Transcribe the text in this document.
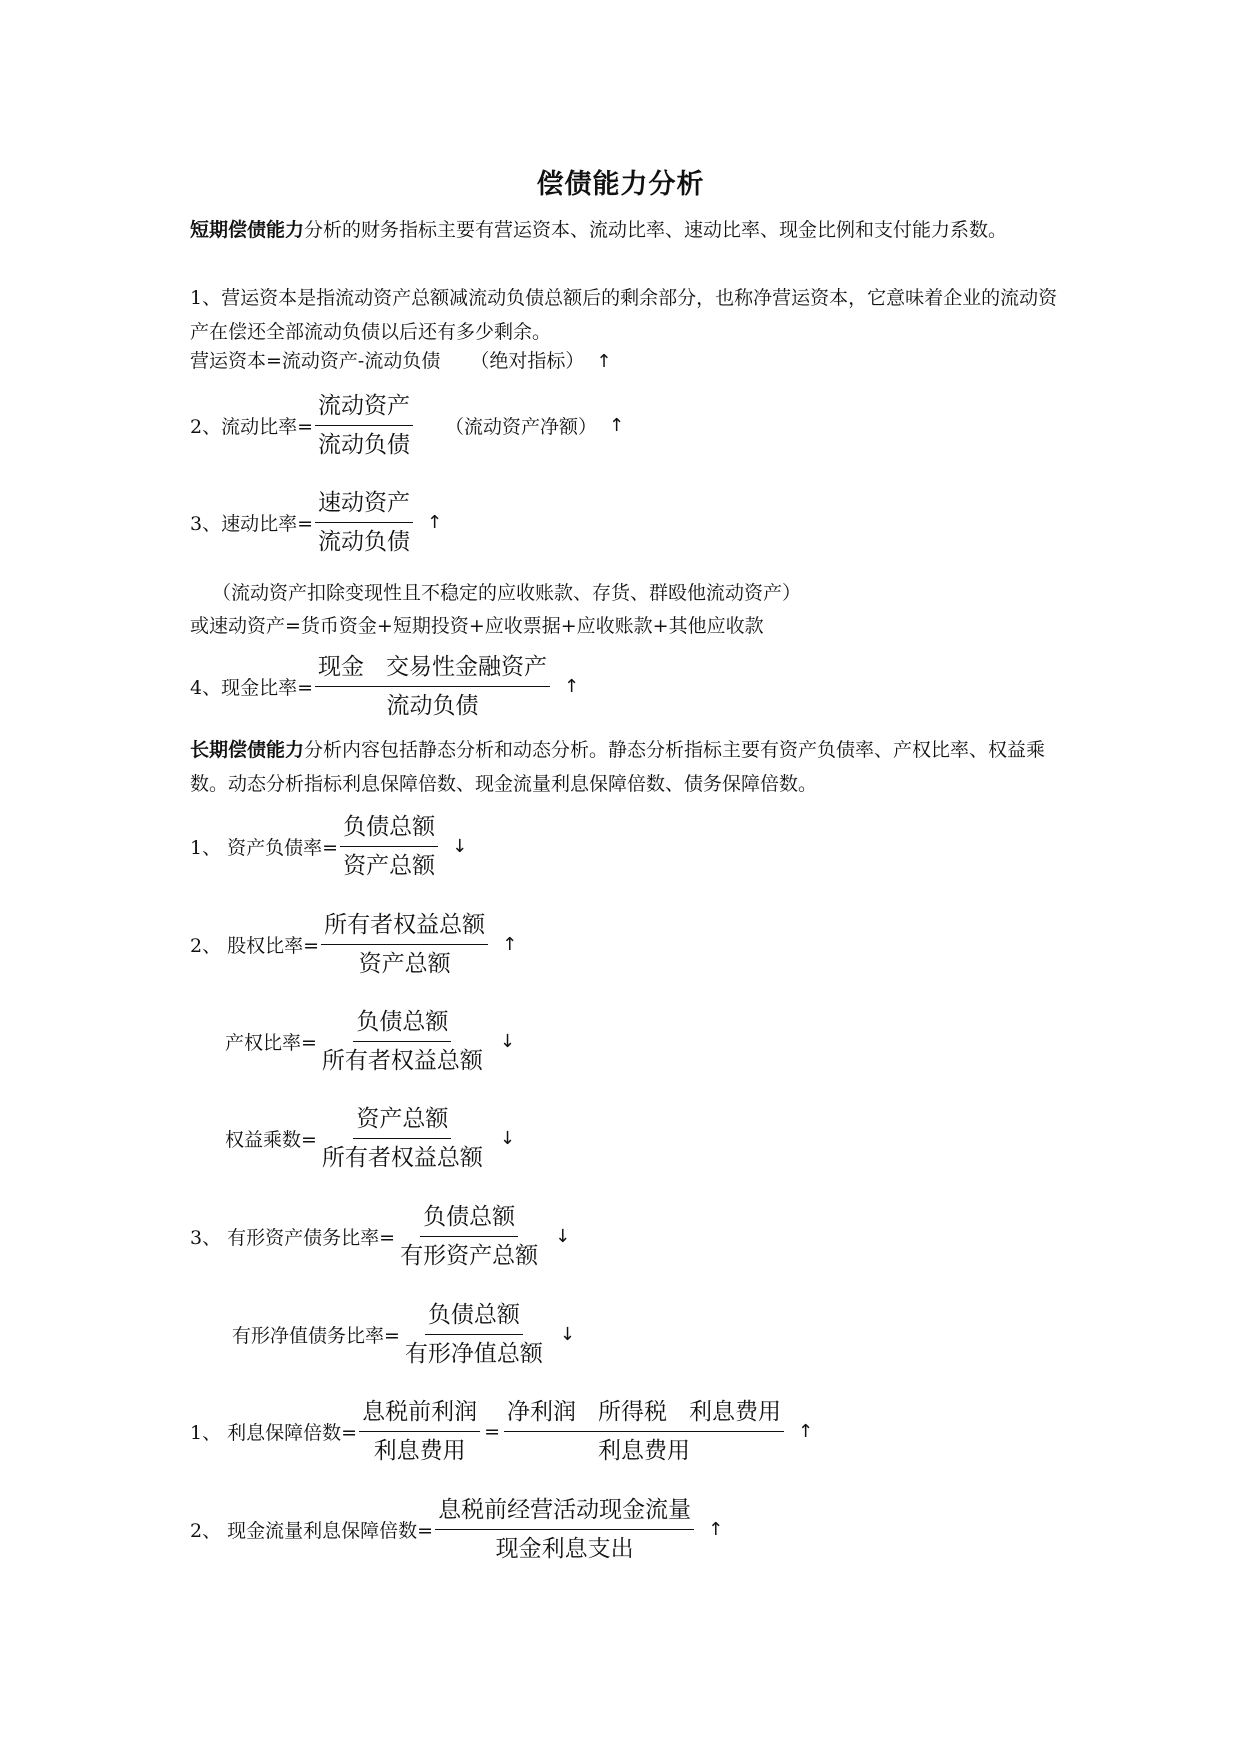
偿债能力分析
短期偿债能力分析的财务指标主要有营运资本、流动比率、速动比率、现金比例和支付能力系数。
1、营运资本是指流动资产总额减流动负债总额后的剩余部分，也称净营运资本，它意味着企业的流动资产在偿还全部流动负债以后还有多少剩余。
营运资本=流动资产-流动负债 （绝对指标） ↑
2、流动比率= $\frac{\text{流动资产}}{\text{流动负债}}$ （流动资产净额） ↑
3、速动比率= $\frac{\text{速动资产}}{\text{流动负债}}$ ↑
（流动资产扣除变现性且不稳定的应收账款、存货、群殴他流动资产）
或速动资产=货币资金+短期投资+应收票据+应收账款+其他应收款
4、现金比率= $\frac{\text{现金 交易性金融资产}}{\text{流动负债}}$ ↑
长期偿债能力分析内容包括静态分析和动态分析。静态分析指标主要有资产负债率、产权比率、权益乘数。动态分析指标利息保障倍数、现金流量利息保障倍数、债务保障倍数。
1、 资产负债率= $\frac{\text{负债总额}}{\text{资产总额}}$ ↓
2、 股权比率= $\frac{\text{所有者权益总额}}{\text{资产总额}}$ ↑
产权比率= $\frac{\text{负债总额}}{\text{所有者权益总额}}$ ↓
权益乘数= $\frac{\text{资产总额}}{\text{所有者权益总额}}$ ↓
3、 有形资产债务比率= $\frac{\text{负债总额}}{\text{有形资产总额}}$ ↓
有形净值债务比率= $\frac{\text{负债总额}}{\text{有形净值总额}}$ ↓
1、 利息保障倍数= $\frac{\text{息税前利润}}{\text{利息费用}} = \frac{\text{净利润 所得税 利息费用}}{\text{利息费用}}$ ↑
2、 现金流量利息保障倍数= $\frac{\text{息税前经营活动现金流量}}{\text{现金利息支出}}$ ↑
